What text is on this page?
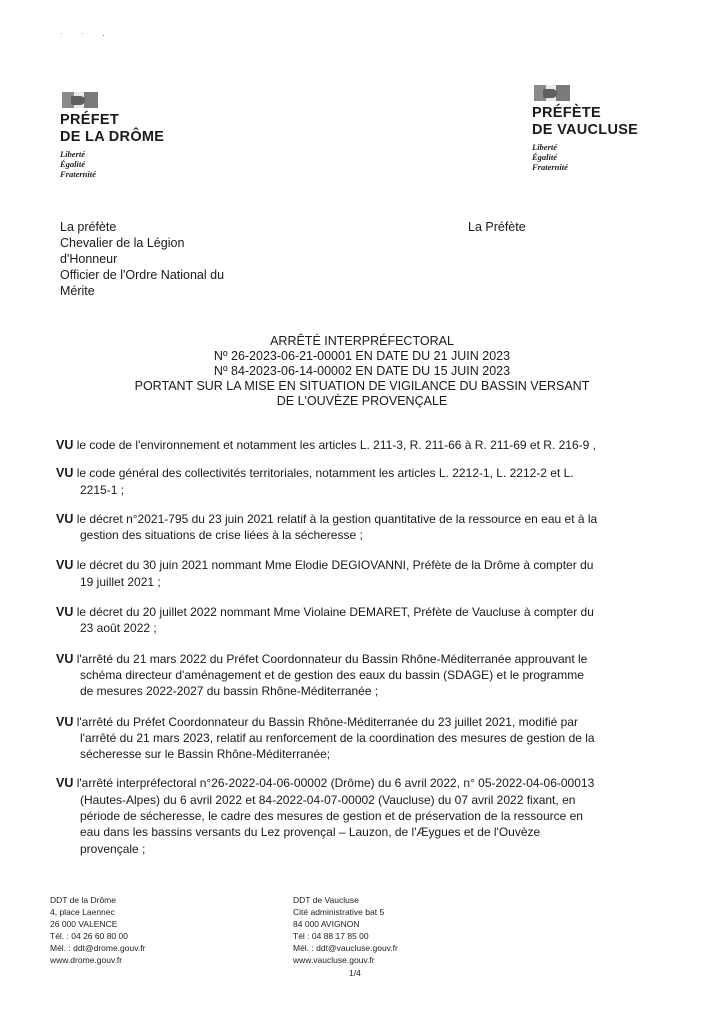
ˑ ˑ ·
PRÉFET
DE LA DRÔME
Liberté
Égalité
Fraternité
PRÉFÈTE
DE VAUCLUSE
Liberté
Égalité
Fraternité
La préfète
Chevalier de la Légion
d'Honneur
Officier de l'Ordre National du
Mérite
La Préfète
ARRÊTÉ INTERPRÉFECTORAL
Nº 26-2023-06-21-00001 EN DATE DU 21 JUIN 2023
Nº 84-2023-06-14-00002 EN DATE DU 15 JUIN 2023
PORTANT SUR LA MISE EN SITUATION DE VIGILANCE DU BASSIN VERSANT
DE L'OUVÈZE PROVENÇALE
VU le code de l'environnement et notamment les articles L. 211-3, R. 211-66 à R. 211-69 et R. 216-9 ,
VU le code général des collectivités territoriales, notamment les articles L. 2212-1, L. 2212-2 et L.
2215-1 ;
VU le décret n°2021-795 du 23 juin 2021 relatif à la gestion quantitative de la ressource en eau et à la
gestion des situations de crise liées à la sécheresse ;
VU le décret du 30 juin 2021 nommant Mme Elodie DEGIOVANNI, Préfète de la Drôme à compter du
19 juillet 2021 ;
VU le décret du 20 juillet 2022 nommant Mme Violaine DEMARET, Préfète de Vaucluse à compter du
23 août 2022 ;
VU l'arrêté du 21 mars 2022 du Préfet Coordonnateur du Bassin Rhône-Méditerranée approuvant le
schéma directeur d'aménagement et de gestion des eaux du bassin (SDAGE) et le programme
de mesures 2022-2027 du bassin Rhône-Méditerranée ;
VU l'arrêté du Préfet Coordonnateur du Bassin Rhône-Méditerranée du 23 juillet 2021, modifié par
l'arrêté du 21 mars 2023, relatif au renforcement de la coordination des mesures de gestion de la
sécheresse sur le Bassin Rhône-Méditerranée;
VU l'arrêté interpréfectoral n°26-2022-04-06-00002 (Drôme) du 6 avril 2022, n° 05-2022-04-06-00013
(Hautes-Alpes) du 6 avril 2022 et 84-2022-04-07-00002 (Vaucluse) du 07 avril 2022 fixant, en
période de sécheresse, le cadre des mesures de gestion et de préservation de la ressource en
eau dans les bassins versants du Lez provençal – Lauzon, de l'Æygues et de l'Ouvèze
provençale ;
DDT de la Drôme
4, place Laennec
26 000 VALENCE
Tél. : 04 26 60 80 00
Mél. : ddt@drome.gouv.fr
www.drome.gouv.fr
DDT de Vaucluse
Cité administrative bat 5
84 000 AVIGNON
Tél : 04 88 17 85 00
Mél. : ddt@vaucluse.gouv.fr
www.vaucluse.gouv.fr
1/4
